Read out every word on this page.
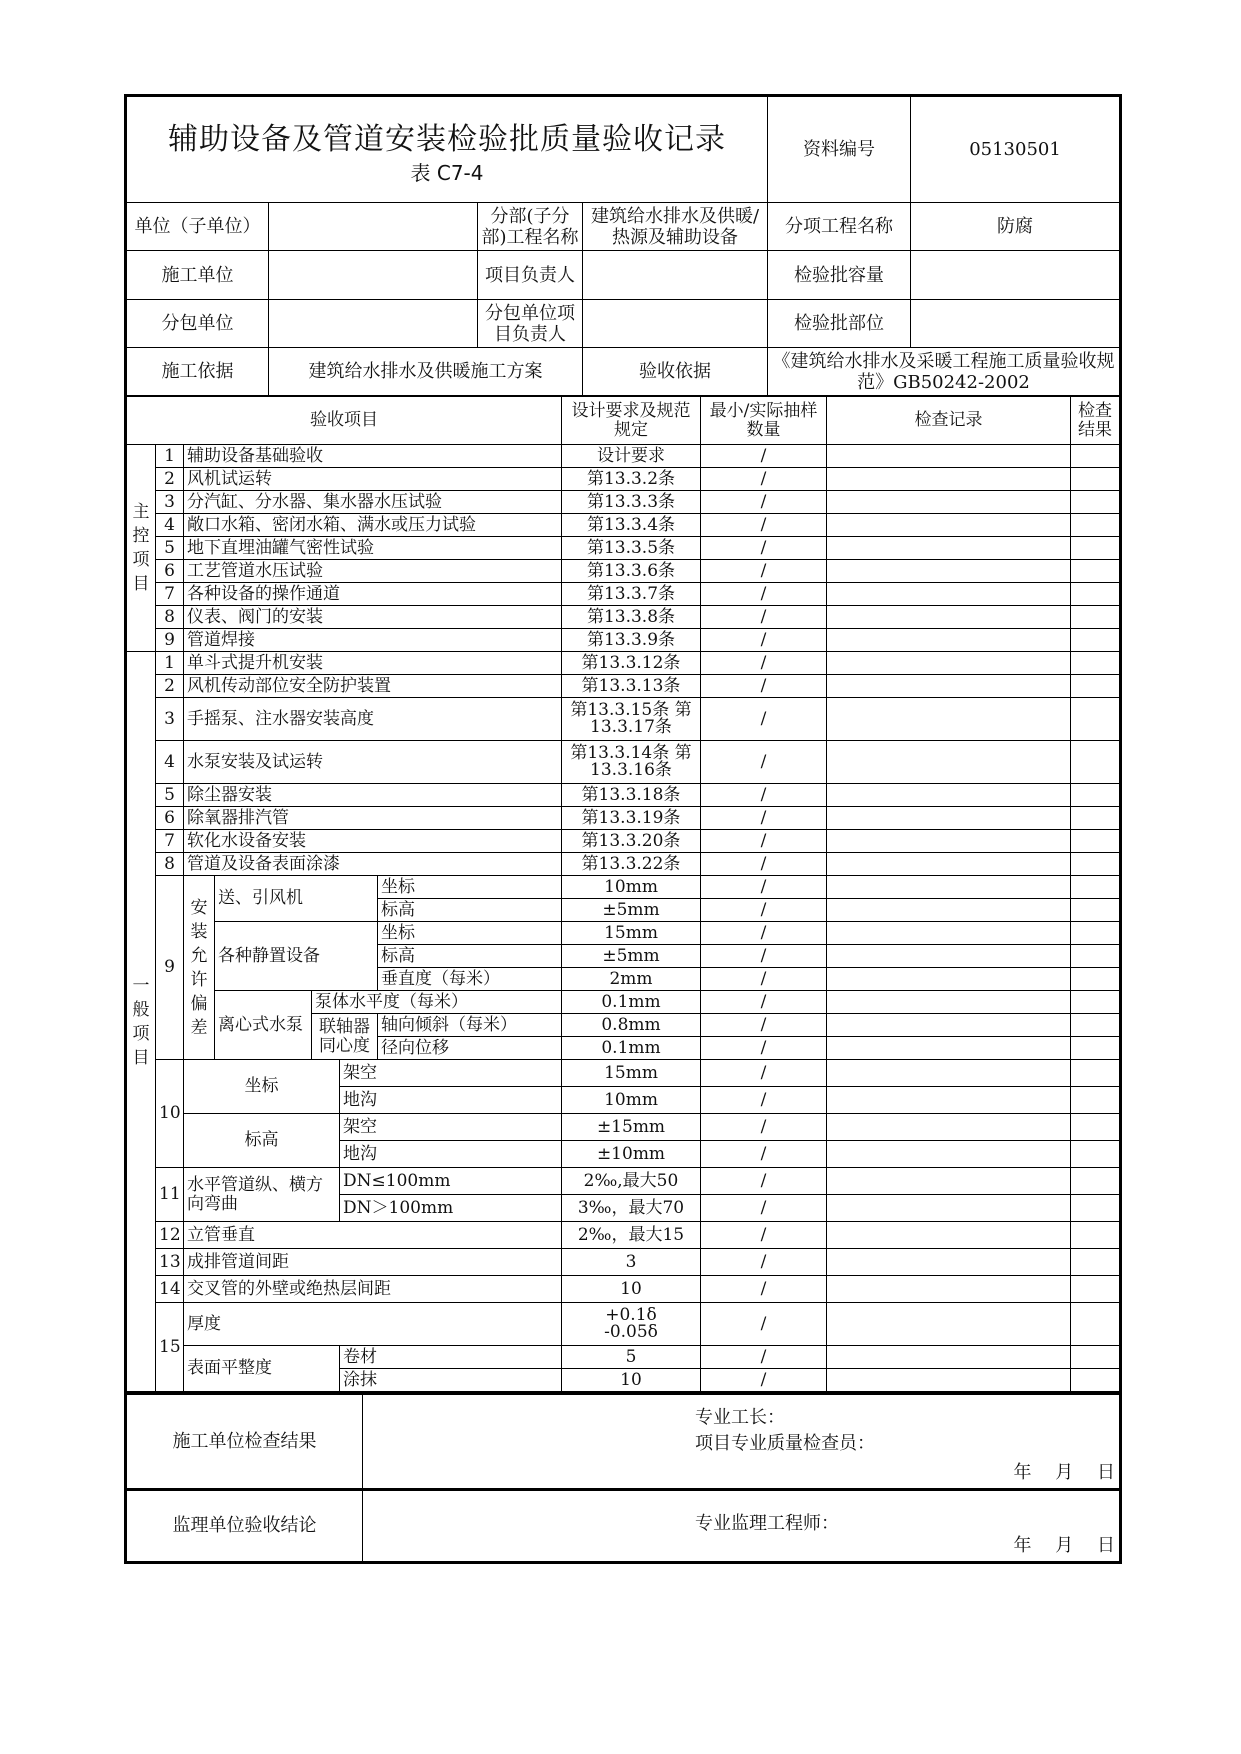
辅助设备及管道安装检验批质量验收记录
表 C7-4				资料编号	05130501
单位（子单位）		分部(子分部)工程名称	建筑给水排水及供暖/热源及辅助设备	分项工程名称	防腐
施工单位		项目负责人		检验批容量	
分包单位		分包单位项目负责人		检验批部位	
施工依据	建筑给水排水及供暖施工方案		验收依据	《建筑给水排水及采暖工程施工质量验收规范》GB50242-2002	
验收项目							设计要求及规范规定	最小/实际抽样数量	检查记录	检查结果
主控项目	1	辅助设备基础验收					设计要求	/		
	2	风机试运转					第13.3.2条	/		
	3	分汽缸、分水器、集水器水压试验					第13.3.3条	/		
	4	敞口水箱、密闭水箱、满水或压力试验					第13.3.4条	/		
	5	地下直埋油罐气密性试验					第13.3.5条	/		
	6	工艺管道水压试验					第13.3.6条	/		
	7	各种设备的操作通道					第13.3.7条	/		
	8	仪表、阀门的安装					第13.3.8条	/		
	9	管道焊接					第13.3.9条	/		
一般项目	1	单斗式提升机安装					第13.3.12条	/		
	2	风机传动部位安全防护装置					第13.3.13条	/		
	3	手摇泵、注水器安装高度					第13.3.15条 第13.3.17条	/		
	4	水泵安装及试运转					第13.3.14条 第13.3.16条	/		
	5	除尘器安装					第13.3.18条	/		
	6	除氧器排汽管					第13.3.19条	/		
	7	软化水设备安装					第13.3.20条	/		
	8	管道及设备表面涂漆					第13.3.22条	/		
	9	安装允许偏差	送、引风机			坐标	10mm	/		
						标高	±5mm	/		
			各种静置设备			坐标	15mm	/		
						标高	±5mm	/		
						垂直度（每米）	2mm	/		
			离心式水泵	泵体水平度（每米）			0.1mm	/		
				联轴器同心度		轴向倾斜（每米）	0.8mm	/		
						径向位移	0.1mm	/		
	10	坐标			架空		15mm	/		
					地沟		10mm	/		
		标高			架空		±15mm	/		
					地沟		±10mm	/		
	11	水平管道纵、横方向弯曲			DN≤100mm		2‰,最大50	/		
					DN＞100mm		3‰，最大70	/		
	12	立管垂直					2‰，最大15	/		
	13	成排管道间距					3	/		
	14	交叉管的外壁或绝热层间距					10	/		
	15	厚度					+0.1δ
-0.05δ	/		
		表面平整度			卷材		5	/		
					涂抹		10	/		
施工单位检查结果	专业工长：
项目专业质量检查员：
年　 月　 日

监理单位验收结论	专业监理工程师：
年　 月　 日
